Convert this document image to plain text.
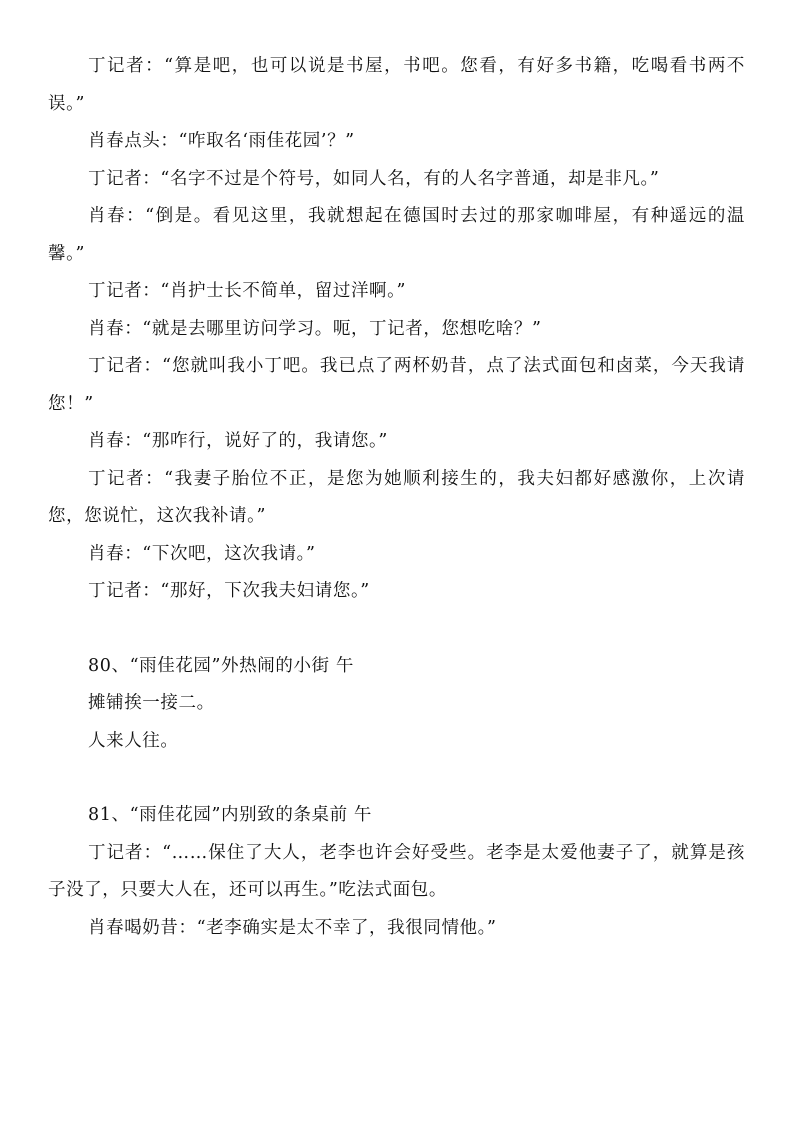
丁记者：“算是吧，也可以说是书屋，书吧。您看，有好多书籍，吃喝看书两不误。”

肖春点头：“咋取名‘雨佳花园’？”

丁记者：“名字不过是个符号，如同人名，有的人名字普通，却是非凡。”

肖春：“倒是。看见这里，我就想起在德国时去过的那家咖啡屋，有种遥远的温馨。”

丁记者：“肖护士长不简单，留过洋啊。”

肖春：“就是去哪里访问学习。呃，丁记者，您想吃啥？”

丁记者：“您就叫我小丁吧。我已点了两杯奶昔，点了法式面包和卤菜，今天我请您！”

肖春：“那咋行，说好了的，我请您。”

丁记者：“我妻子胎位不正，是您为她顺利接生的，我夫妇都好感激你，上次请您，您说忙，这次我补请。”

肖春：“下次吧，这次我请。”

丁记者：“那好，下次我夫妇请您。”

80、“雨佳花园”外热闹的小街 午

摊铺挨一接二。

人来人往。

81、“雨佳花园”内别致的条桌前 午

丁记者：“……保住了大人，老李也许会好受些。老李是太爱他妻子了，就算是孩子没了，只要大人在，还可以再生。”吃法式面包。

肖春喝奶昔：“老李确实是太不幸了，我很同情他。”
